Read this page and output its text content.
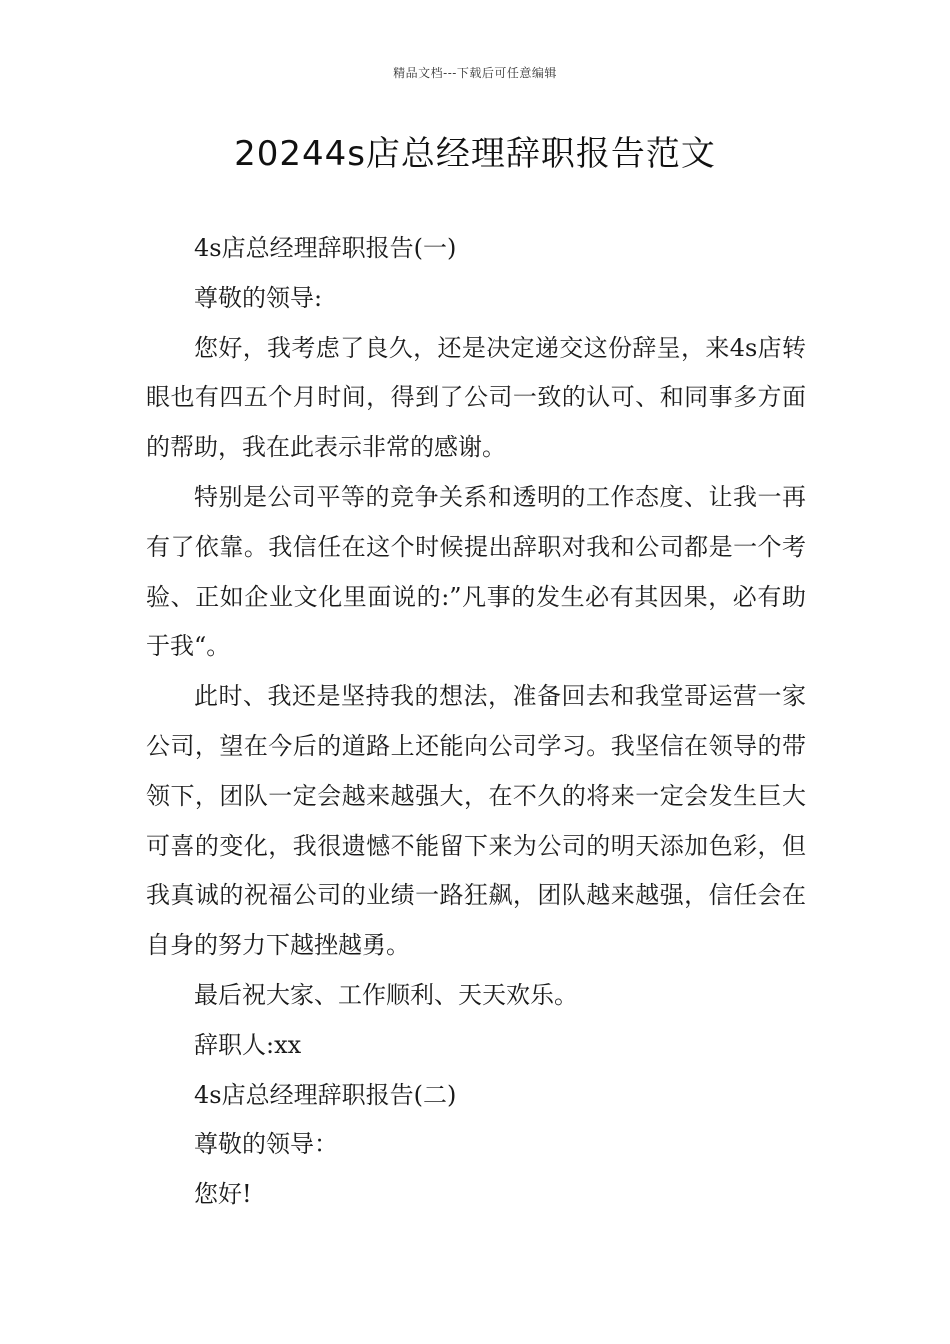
精品文档---下载后可任意编辑
20244s店总经理辞职报告范文

4s店总经理辞职报告(一)

尊敬的领导:

您好，我考虑了良久，还是决定递交这份辞呈，来4s店转眼也有四五个月时间，得到了公司一致的认可、和同事多方面的帮助，我在此表示非常的感谢。

特别是公司平等的竞争关系和透明的工作态度、让我一再有了依靠。我信任在这个时候提出辞职对我和公司都是一个考验、正如企业文化里面说的:”凡事的发生必有其因果，必有助于我“。

此时、我还是坚持我的想法，准备回去和我堂哥运营一家公司，望在今后的道路上还能向公司学习。我坚信在领导的带领下，团队一定会越来越强大，在不久的将来一定会发生巨大可喜的变化，我很遗憾不能留下来为公司的明天添加色彩，但我真诚的祝福公司的业绩一路狂飙，团队越来越强，信任会在自身的努力下越挫越勇。

最后祝大家、工作顺利、天天欢乐。

辞职人:xx

4s店总经理辞职报告(二)

尊敬的领导：

您好!
